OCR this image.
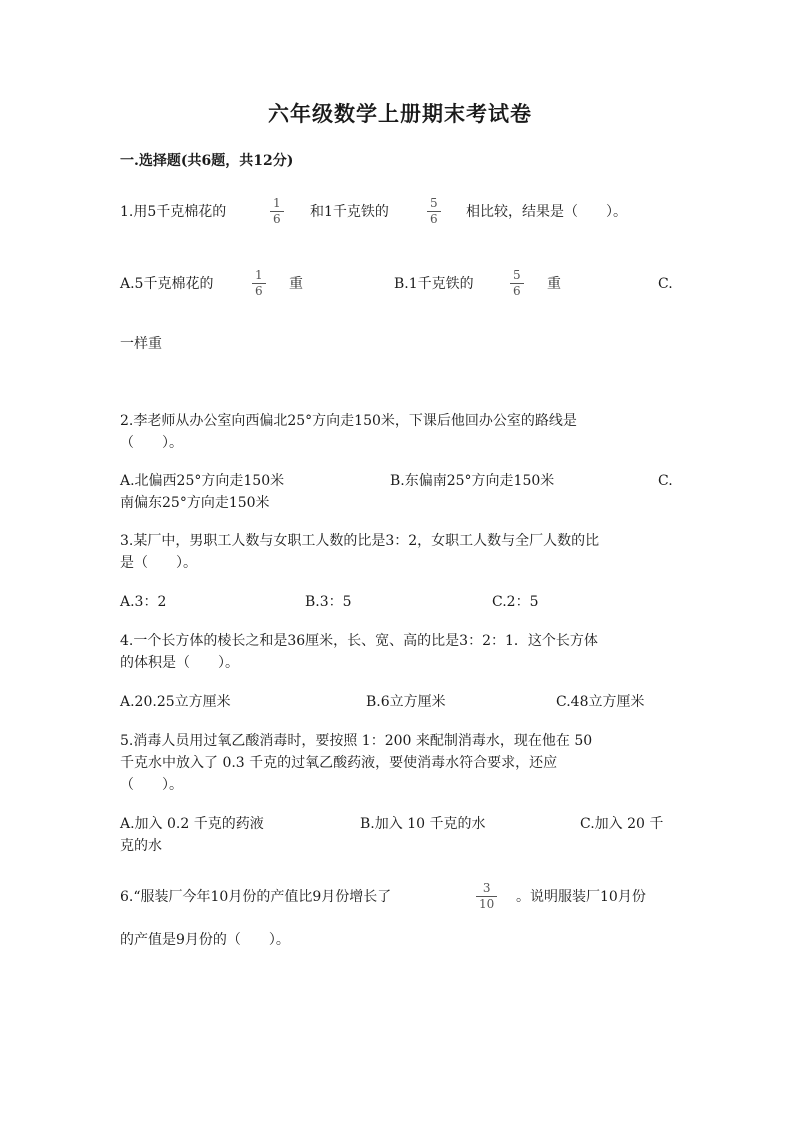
六年级数学上册期末考试卷
一.选择题(共6题，共12分)
1.用5千克棉花的
1
6 和1千克铁的
5
6 相比较，结果是（　　）。
A.5千克棉花的
1
6 重	B.1千克铁的
5
6 重	C.
一样重
2.李老师从办公室向西偏北25°方向走150米，下课后他回办公室的路线是
（　　）。
A.北偏西25°方向走150米	B.东偏南25°方向走150米	C.
南偏东25°方向走150米
3.某厂中，男职工人数与女职工人数的比是3：2，女职工人数与全厂人数的比
是（　　）。
A.3：2	B.3：5	C.2：5
4.一个长方体的棱长之和是36厘米，长、宽、高的比是3：2：1．这个长方体
的体积是（　　）。
A.20.25立方厘米	B.6立方厘米	C.48立方厘米
5.消毒人员用过氧乙酸消毒时，要按照 1：200 来配制消毒水，现在他在 50
千克水中放入了 0.3 千克的过氧乙酸药液，要使消毒水符合要求，还应
（　　）。
A.加入 0.2 千克的药液	B.加入 10 千克的水	C.加入 20 千
克的水
6.“服装厂今年10月份的产值比9月份增长了
3
10 。说明服装厂10月份
的产值是9月份的（　　）。
